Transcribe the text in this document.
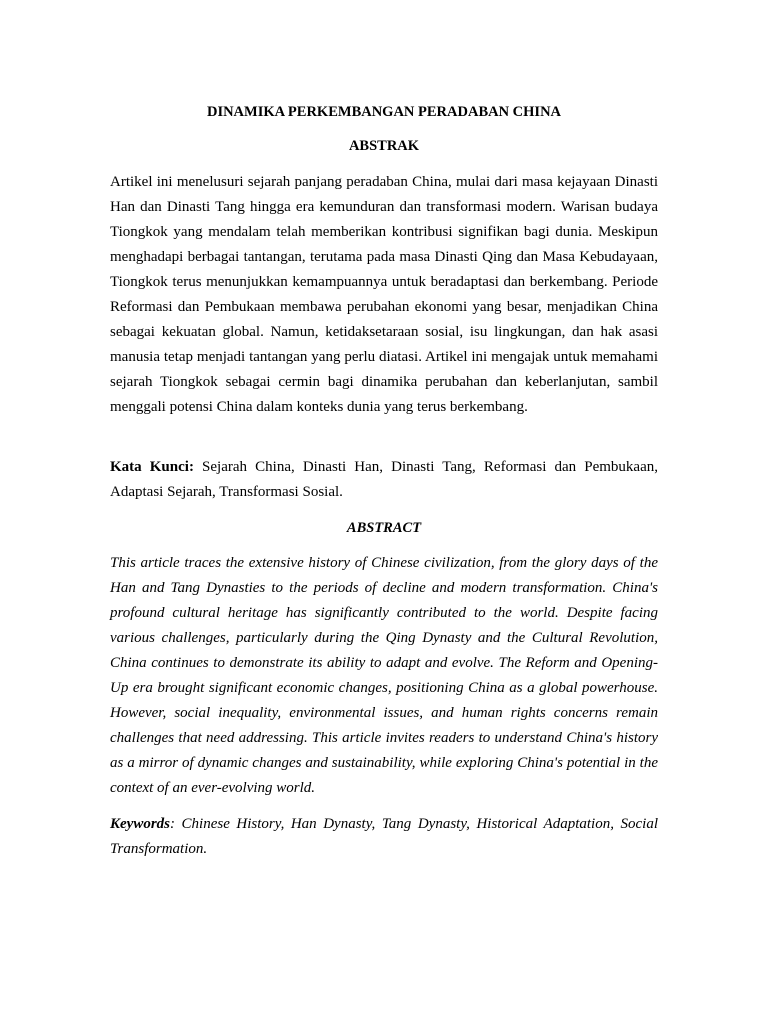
DINAMIKA PERKEMBANGAN PERADABAN CHINA
ABSTRAK

Artikel ini menelusuri sejarah panjang peradaban China, mulai dari masa kejayaan Dinasti Han dan Dinasti Tang hingga era kemunduran dan transformasi modern. Warisan budaya Tiongkok yang mendalam telah memberikan kontribusi signifikan bagi dunia. Meskipun menghadapi berbagai tantangan, terutama pada masa Dinasti Qing dan Masa Kebudayaan, Tiongkok terus menunjukkan kemampuannya untuk beradaptasi dan berkembang. Periode Reformasi dan Pembukaan membawa perubahan ekonomi yang besar, menjadikan China sebagai kekuatan global. Namun, ketidaksetaraan sosial, isu lingkungan, dan hak asasi manusia tetap menjadi tantangan yang perlu diatasi. Artikel ini mengajak untuk memahami sejarah Tiongkok sebagai cermin bagi dinamika perubahan dan keberlanjutan, sambil menggali potensi China dalam konteks dunia yang terus berkembang.

Kata Kunci: Sejarah China, Dinasti Han, Dinasti Tang, Reformasi dan Pembukaan, Adaptasi Sejarah, Transformasi Sosial.

ABSTRACT

This article traces the extensive history of Chinese civilization, from the glory days of the Han and Tang Dynasties to the periods of decline and modern transformation. China's profound cultural heritage has significantly contributed to the world. Despite facing various challenges, particularly during the Qing Dynasty and the Cultural Revolution, China continues to demonstrate its ability to adapt and evolve. The Reform and Opening-Up era brought significant economic changes, positioning China as a global powerhouse. However, social inequality, environmental issues, and human rights concerns remain challenges that need addressing. This article invites readers to understand China's history as a mirror of dynamic changes and sustainability, while exploring China's potential in the context of an ever-evolving world.

Keywords: Chinese History, Han Dynasty, Tang Dynasty, Historical Adaptation, Social Transformation.
